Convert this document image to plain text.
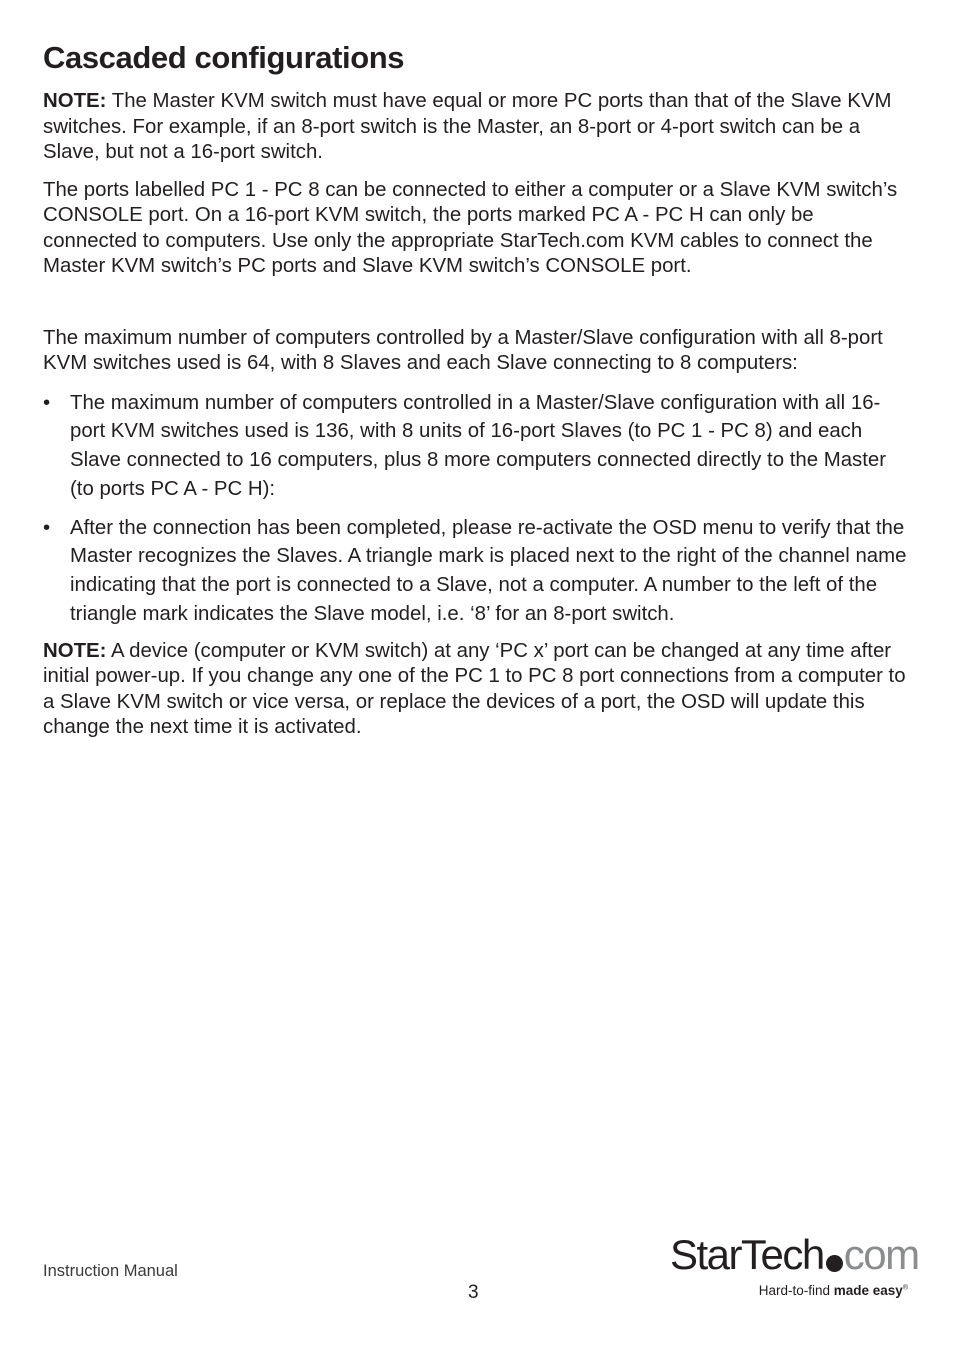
Cascaded configurations

NOTE: The Master KVM switch must have equal or more PC ports than that of the Slave KVM switches. For example, if an 8-port switch is the Master, an 8-port or 4-port switch can be a Slave, but not a 16-port switch.

The ports labelled PC 1 - PC 8 can be connected to either a computer or a Slave KVM switch’s CONSOLE port. On a 16-port KVM switch, the ports marked PC A - PC H can only be connected to computers. Use only the appropriate StarTech.com KVM cables to connect the Master KVM switch’s PC ports and Slave KVM switch’s CONSOLE port.

The maximum number of computers controlled by a Master/Slave configuration with all 8-port KVM switches used is 64, with 8 Slaves and each Slave connecting to 8 computers:

• The maximum number of computers controlled in a Master/Slave configuration with all 16-port KVM switches used is 136, with 8 units of 16-port Slaves (to PC 1 - PC 8) and each Slave connected to 16 computers, plus 8 more computers connected directly to the Master (to ports PC A - PC H):
• After the connection has been completed, please re-activate the OSD menu to verify that the Master recognizes the Slaves. A triangle mark is placed next to the right of the channel name indicating that the port is connected to a Slave, not a computer. A number to the left of the triangle mark indicates the Slave model, i.e. ‘8’ for an 8-port switch.

NOTE: A device (computer or KVM switch) at any ‘PC x’ port can be changed at any time after initial power-up. If you change any one of the PC 1 to PC 8 port connections from a computer to a Slave KVM switch or vice versa, or replace the devices of a port, the OSD will update this change the next time it is activated.

Instruction Manual
3
StarTech com
Hard-to-find made easy®
